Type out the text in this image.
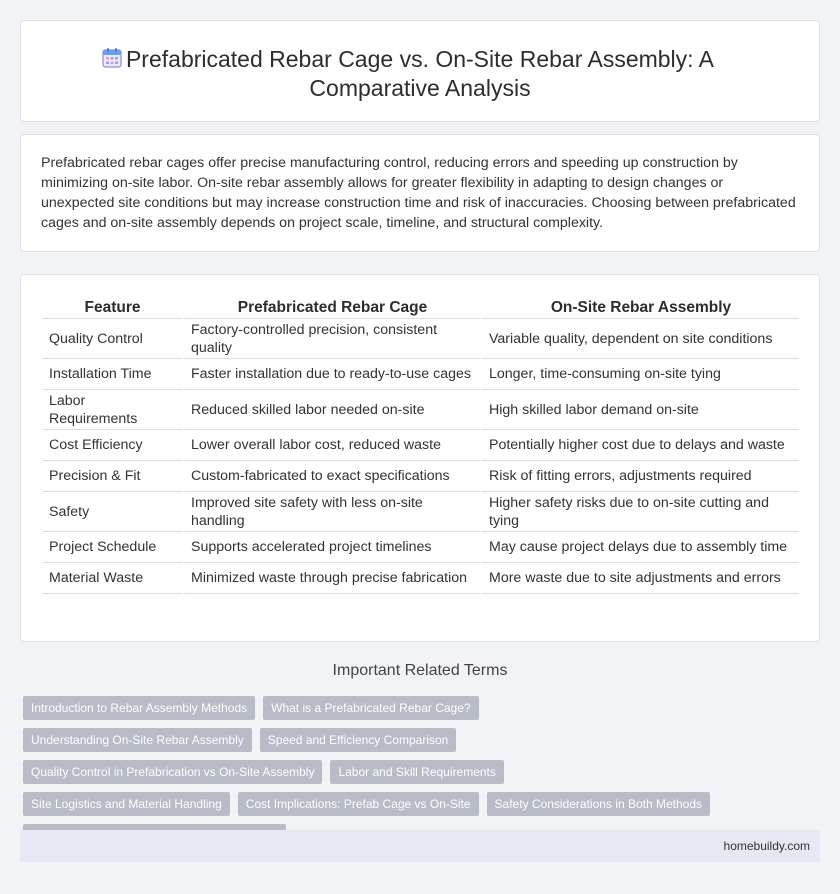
Prefabricated Rebar Cage vs. On-Site Rebar Assembly: A Comparative Analysis

Prefabricated rebar cages offer precise manufacturing control, reducing errors and speeding up construction by minimizing on-site labor. On-site rebar assembly allows for greater flexibility in adapting to design changes or unexpected site conditions but may increase construction time and risk of inaccuracies. Choosing between prefabricated cages and on-site assembly depends on project scale, timeline, and structural complexity.

Feature	Prefabricated Rebar Cage	On-Site Rebar Assembly
Quality Control	Factory-controlled precision, consistent quality	Variable quality, dependent on site conditions
Installation Time	Faster installation due to ready-to-use cages	Longer, time-consuming on-site tying
Labor Requirements	Reduced skilled labor needed on-site	High skilled labor demand on-site
Cost Efficiency	Lower overall labor cost, reduced waste	Potentially higher cost due to delays and waste
Precision & Fit	Custom-fabricated to exact specifications	Risk of fitting errors, adjustments required
Safety	Improved site safety with less on-site handling	Higher safety risks due to on-site cutting and tying
Project Schedule	Supports accelerated project timelines	May cause project delays due to assembly time
Material Waste	Minimized waste through precise fabrication	More waste due to site adjustments and errors
Important Related Terms
Introduction to Rebar Assembly Methods	What is a Prefabricated Rebar Cage?
Understanding On-Site Rebar Assembly	Speed and Efficiency Comparison
Quality Control in Prefabrication vs On-Site Assembly	Labor and Skill Requirements
Site Logistics and Material Handling	Cost Implications: Prefab Cage vs On-Site	Safety Considerations in Both Methods
homebuildy.com
